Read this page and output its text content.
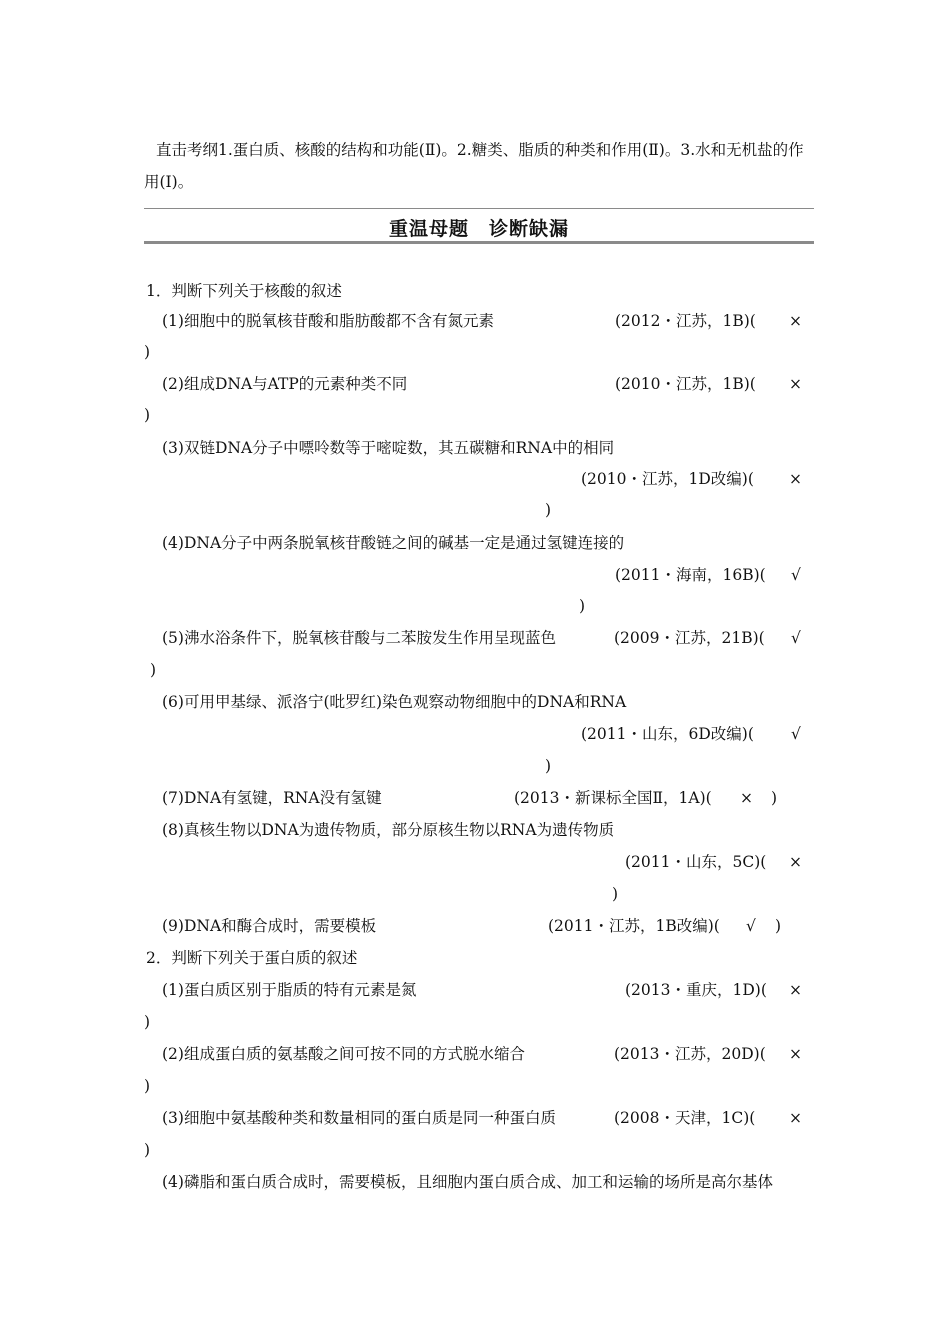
直击考纲1.蛋白质、核酸的结构和功能(Ⅱ)。2.糖类、脂质的种类和作用(Ⅱ)。3.水和无机盐的作用(Ⅰ)。
重温母题　诊断缺漏
1．判断下列关于核酸的叙述
(1)细胞中的脱氧核苷酸和脂肪酸都不含有氮元素	(2012・江苏，1B)( ×
)
(2)组成DNA与ATP的元素种类不同	(2010・江苏，1B)( ×
)
(3)双链DNA分子中嘌呤数等于嘧啶数，其五碳糖和RNA中的相同
(2010・江苏，1D改编)( ×
)
(4)DNA分子中两条脱氧核苷酸链之间的碱基一定是通过氢键连接的
(2011・海南，16B)( √
)
(5)沸水浴条件下，脱氧核苷酸与二苯胺发生作用呈现蓝色	(2009・江苏，21B)( √
)
(6)可用甲基绿、派洛宁(吡罗红)染色观察动物细胞中的DNA和RNA
(2011・山东，6D改编)( √
)
(7)DNA有氢键，RNA没有氢键	(2013・新课标全国Ⅱ，1A)( × )
(8)真核生物以DNA为遗传物质，部分原核生物以RNA为遗传物质
(2011・山东，5C)( ×
)
(9)DNA和酶合成时，需要模板	(2011・江苏，1B改编)( √ )
2．判断下列关于蛋白质的叙述
(1)蛋白质区别于脂质的特有元素是氮	(2013・重庆，1D)( ×
)
(2)组成蛋白质的氨基酸之间可按不同的方式脱水缩合	(2013・江苏，20D)( ×
)
(3)细胞中氨基酸种类和数量相同的蛋白质是同一种蛋白质	(2008・天津，1C)( ×
)
(4)磷脂和蛋白质合成时，需要模板，且细胞内蛋白质合成、加工和运输的场所是高尔基体
